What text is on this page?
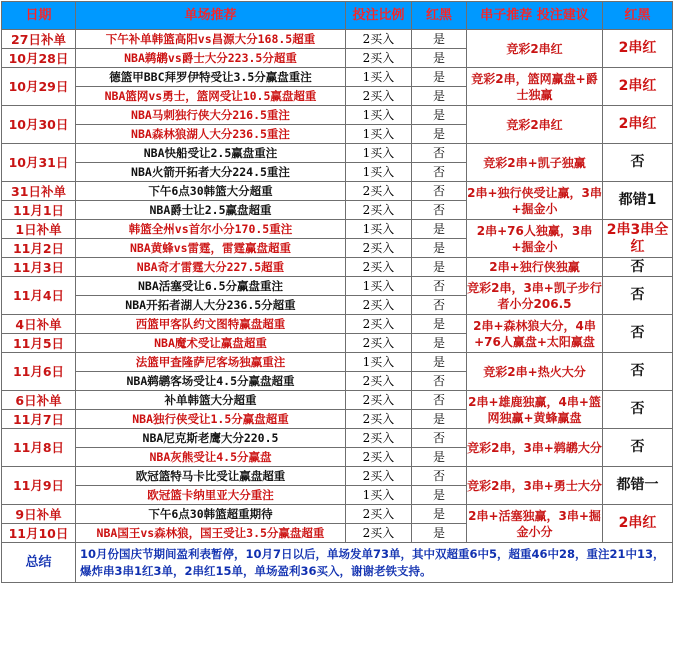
日期	单场推荐	投注比例	红黑	串子推荐 投注建议	红黑
27日补单	下午补单韩篮高阳vs昌源大分168.5超重	2买入	是	竞彩2串红	2串红
10月28日	NBA鹈鹕vs爵士大分223.5分超重	2买入	是		
10月29日	德篮甲BBC拜罗伊特受让3.5分赢盘重注	1买入	是	竞彩2串，篮网赢盘+爵士独赢	2串红
	NBA篮网vs勇士，篮网受让10.5赢盘超重	2买入	是		
10月30日	NBA马刺独行侠大分216.5重注	1买入	是	竞彩2串红	2串红
	NBA森林狼湖人大分236.5重注	1买入	是		
10月31日	NBA快船受让2.5赢盘重注	1买入	否	竞彩2串+凯子独赢	否
	NBA火箭开拓者大分224.5重注	1买入	否		
31日补单	下午6点30韩篮大分超重	2买入	否	2串+独行侠受让赢，3串+掘金小	都错1
11月1日	NBA爵士让2.5赢盘超重	2买入	否		
1日补单	韩篮全州vs首尔小分170.5重注	1买入	是	2串+76人独赢，3串+掘金小	2串3串全红
11月2日	NBA黄蜂vs雷霆，雷霆赢盘超重	2买入	是		
11月3日	NBA奇才雷霆大分227.5超重	2买入	是	2串+独行侠独赢	否
11月4日	NBA活塞受让6.5分赢盘重注	1买入	否	竞彩2串，3串+凯子步行者小分206.5	否
	NBA开拓者湖人大分236.5分超重	2买入	否		
4日补单	西篮甲客队约文图特赢盘超重	2买入	是	2串+森林狼大分，4串+76人赢盘+太阳赢盘	否
11月5日	NBA魔术受让赢盘超重	2买入	是		
11月6日	法篮甲查隆萨尼客场独赢重注	1买入	是	竞彩2串+热火大分	否
	NBA鹈鹕客场受让4.5分赢盘超重	2买入	否		
6日补单	补单韩篮大分超重	2买入	否	2串+雄鹿独赢，4串+篮网独赢+黄蜂赢盘	否
11月7日	NBA独行侠受让1.5分赢盘超重	2买入	是		
11月8日	NBA尼克斯老鹰大分220.5	2买入	否	竞彩2串，3串+鹈鹕大分	否
	NBA灰熊受让4.5分赢盘	2买入	是		
11月9日	欧冠篮特马卡比受让赢盘超重	2买入	否	竞彩2串，3串+勇士大分	都错一
	欧冠篮卡纳里亚大分重注	1买入	是		
9日补单	下午6点30韩篮超重期待	2买入	是	2串+活塞独赢，3串+掘金小分	2串红
11月10日	NBA国王vs森林狼，国王受让3.5分赢盘超重	2买入	是		
总结	10月份国庆节期间盈利表暂停，10月7日以后，单场发单73单，其中双超重6中5，超重46中28，重注21中13，爆炸串3串1红3单，2串红15单，单场盈利36买入，谢谢老铁支持。				
